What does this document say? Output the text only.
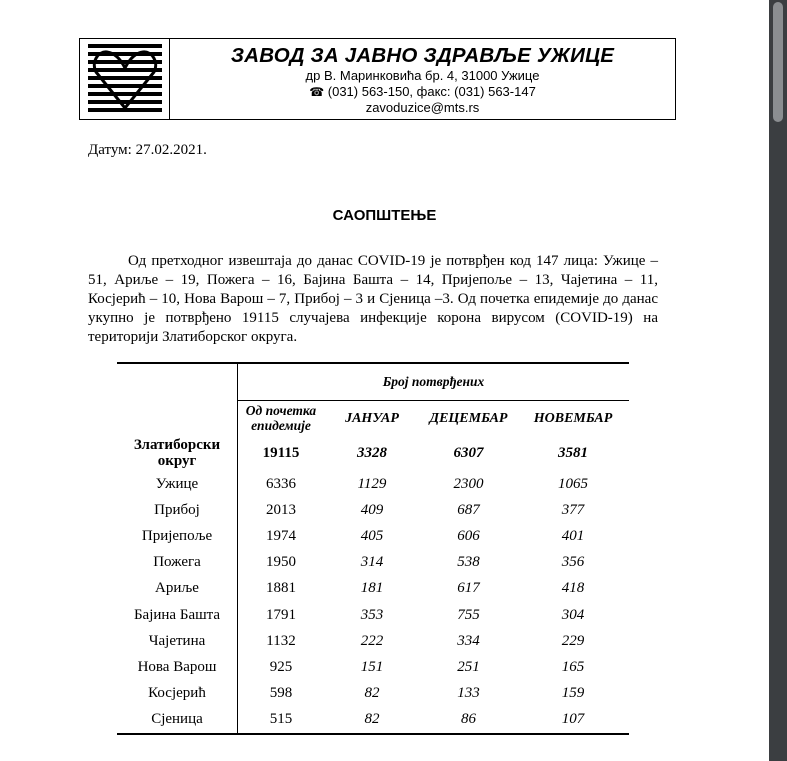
ЗАВОД ЗА ЈАВНО ЗДРАВЉЕ УЖИЦЕ
др В. Маринковића бр. 4, 31000 Ужице
☎ (031) 563-150, факс: (031) 563-147
zavoduzice@mts.rs
Датум: 27.02.2021.
САОПШТЕЊЕ
Од претходног извештаја до данас COVID-19 је потврђен код 147 лица: Ужице – 51, Ариље – 19, Пожега – 16, Бајина Башта – 14, Пријепоље – 13, Чајетина – 11, Косјерић – 10, Нова Варош – 7, Прибој – 3 и Сјеница –3. Од почетка епидемије до данас укупно је потврђено 19115 случајева инфекције корона вирусом (COVID-19) на територији Златиборског округа.
	Број потврђених			
	Од почетка епидемије	ЈАНУАР	ДЕЦЕМБАР	НОВЕМБАР
Златиборски округ	19115	3328	6307	3581
Ужице	6336	1129	2300	1065
Прибој	2013	409	687	377
Пријепоље	1974	405	606	401
Пожега	1950	314	538	356
Ариље	1881	181	617	418
Бајина Башта	1791	353	755	304
Чајетина	1132	222	334	229
Нова Варош	925	151	251	165
Косјерић	598	82	133	159
Сјеница	515	82	86	107
